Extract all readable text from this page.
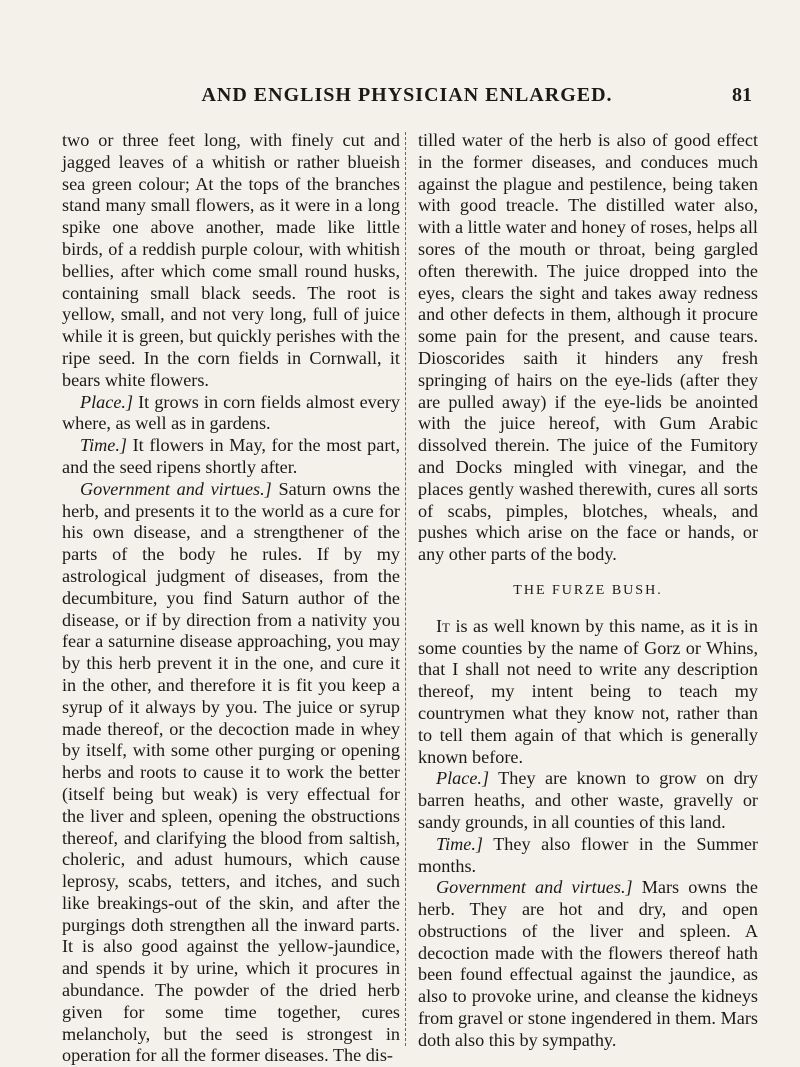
AND ENGLISH PHYSICIAN ENLARGED.	81

two or three feet long, with finely cut and jagged leaves of a whitish or rather blueish sea green colour; At the tops of the branches stand many small flowers, as it were in a long spike one above another, made like little birds, of a reddish purple colour, with whitish bellies, after which come small round husks, containing small black seeds. The root is yellow, small, and not very long, full of juice while it is green, but quickly perishes with the ripe seed. In the corn fields in Cornwall, it bears white flowers.

Place.] It grows in corn fields almost every where, as well as in gardens.

Time.] It flowers in May, for the most part, and the seed ripens shortly after.

Government and virtues.] Saturn owns the herb, and presents it to the world as a cure for his own disease, and a strengthener of the parts of the body he rules. If by my astrological judgment of diseases, from the decumbiture, you find Saturn author of the disease, or if by direction from a nativity you fear a saturnine disease approaching, you may by this herb prevent it in the one, and cure it in the other, and therefore it is fit you keep a syrup of it always by you. The juice or syrup made thereof, or the decoction made in whey by itself, with some other purging or opening herbs and roots to cause it to work the better (itself being but weak) is very effectual for the liver and spleen, opening the obstructions thereof, and clarifying the blood from saltish, choleric, and adust humours, which cause leprosy, scabs, tetters, and itches, and such like breakings-out of the skin, and after the purgings doth strengthen all the inward parts. It is also good against the yellow-jaundice, and spends it by urine, which it procures in abundance. The powder of the dried herb given for some time together, cures melancholy, but the seed is strongest in operation for all the former diseases. The dis-

tilled water of the herb is also of good effect in the former diseases, and conduces much against the plague and pestilence, being taken with good treacle. The distilled water also, with a little water and honey of roses, helps all sores of the mouth or throat, being gargled often therewith. The juice dropped into the eyes, clears the sight and takes away redness and other defects in them, although it procure some pain for the present, and cause tears. Dioscorides saith it hinders any fresh springing of hairs on the eye-lids (after they are pulled away) if the eye-lids be anointed with the juice hereof, with Gum Arabic dissolved therein. The juice of the Fumitory and Docks mingled with vinegar, and the places gently washed therewith, cures all sorts of scabs, pimples, blotches, wheals, and pushes which arise on the face or hands, or any other parts of the body.

THE FURZE BUSH.

It is as well known by this name, as it is in some counties by the name of Gorz or Whins, that I shall not need to write any description thereof, my intent being to teach my countrymen what they know not, rather than to tell them again of that which is generally known before.

Place.] They are known to grow on dry barren heaths, and other waste, gravelly or sandy grounds, in all counties of this land.

Time.] They also flower in the Summer months.

Government and virtues.] Mars owns the herb. They are hot and dry, and open obstructions of the liver and spleen. A decoction made with the flowers thereof hath been found effectual against the jaundice, as also to provoke urine, and cleanse the kidneys from gravel or stone ingendered in them. Mars doth also this by sympathy.
